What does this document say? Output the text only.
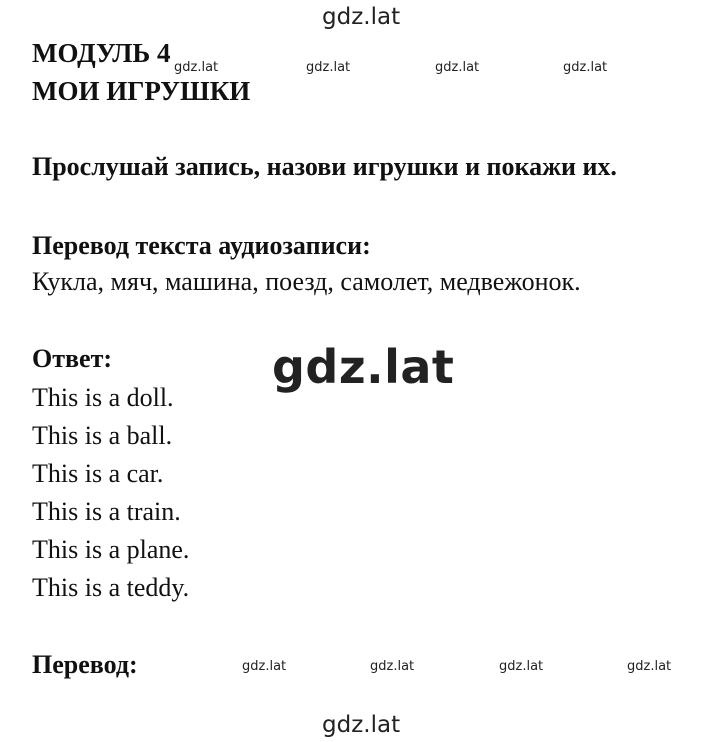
gdz.lat
gdz.lat	gdz.lat	gdz.lat	gdz.lat
gdz.lat
gdz.lat	gdz.lat	gdz.lat	gdz.lat
gdz.lat
МОДУЛЬ 4
МОИ ИГРУШКИ
Прослушай запись, назови игрушки и покажи их.
Перевод текста аудиозаписи:
Кукла, мяч, машина, поезд, самолет, медвежонок.
Ответ:
This is a doll.
This is a ball.
This is a car.
This is a train.
This is a plane.
This is a teddy.
Перевод:
